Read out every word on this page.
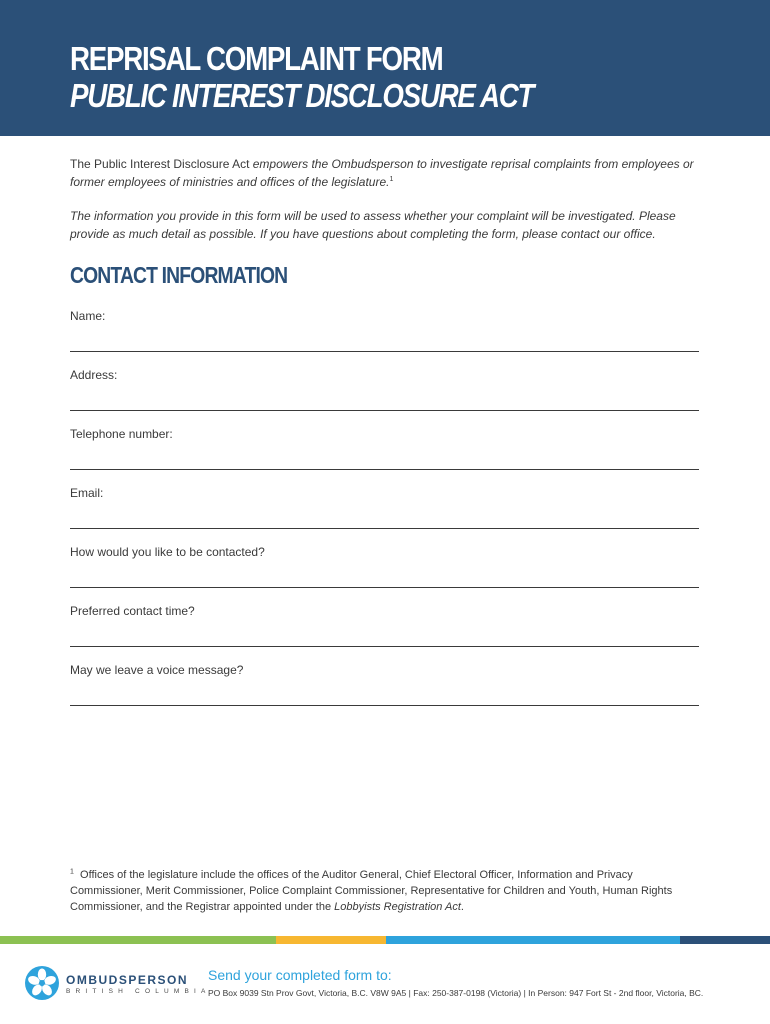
REPRISAL COMPLAINT FORM
PUBLIC INTEREST DISCLOSURE ACT

The Public Interest Disclosure Act empowers the Ombudsperson to investigate reprisal complaints from employees or former employees of ministries and offices of the legislature.$^1$

The information you provide in this form will be used to assess whether your complaint will be investigated. Please provide as much detail as possible. If you have questions about completing the form, please contact our office.

CONTACT INFORMATION
Name:
Address:
Telephone number:
Email:
How would you like to be contacted?
Preferred contact time?
May we leave a voice message?
$^1$ Offices of the legislature include the offices of the Auditor General, Chief Electoral Officer, Information and Privacy Commissioner, Merit Commissioner, Police Complaint Commissioner, Representative for Children and Youth, Human Rights Commissioner, and the Registrar appointed under the Lobbyists Registration Act.
OMBUDSPERSON
BRITISH COLUMBIA
Send your completed form to:
PO Box 9039 Stn Prov Govt, Victoria, B.C. V8W 9A5 | Fax: 250-387-0198 (Victoria) | In Person: 947 Fort St - 2nd floor, Victoria, BC.
